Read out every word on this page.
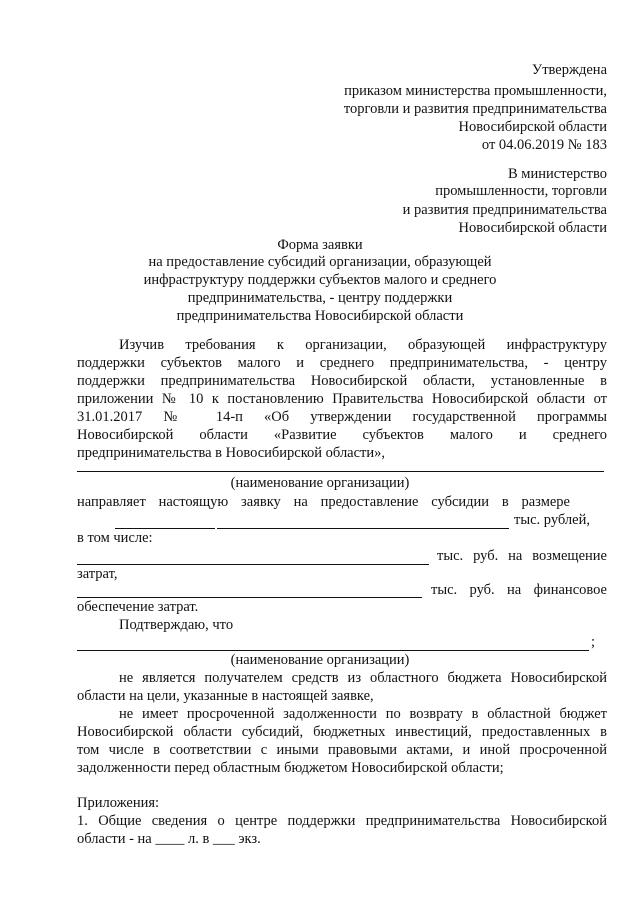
Утверждена
приказом министерства промышленности,
торговли и развития предпринимательства
Новосибирской области
от 04.06.2019 № 183
В министерство
промышленности, торговли
и развития предпринимательства
Новосибирской области
Форма заявки
на предоставление субсидий организации, образующей
инфраструктуру поддержки субъектов малого и среднего
предпринимательства, - центру поддержки
предпринимательства Новосибирской области
Изучив требования к организации, образующей инфраструктуру
поддержки субъектов малого и среднего предпринимательства, - центру
поддержки предпринимательства Новосибирской области, установленные в
приложении № 10 к постановлению Правительства Новосибирской области от
31.01.2017 № 14-п «Об утверждении государственной программы
Новосибирской области «Развитие субъектов малого и среднего
предпринимательства в Новосибирской области»,
(наименование организации)
направляет настоящую заявку на предоставление субсидии в размере
тыс. рублей,
в том числе:
тыс. руб. на возмещение
затрат,
тыс. руб. на финансовое
обеспечение затрат.
Подтверждаю, что
;
(наименование организации)
не является получателем средств из областного бюджета Новосибирской
области на цели, указанные в настоящей заявке,
не имеет просроченной задолженности по возврату в областной бюджет
Новосибирской области субсидий, бюджетных инвестиций, предоставленных в
том числе в соответствии с иными правовыми актами, и иной просроченной
задолженности перед областным бюджетом Новосибирской области;
Приложения:
1. Общие сведения о центре поддержки предпринимательства Новосибирской
области - на ____ л. в ___ экз.
